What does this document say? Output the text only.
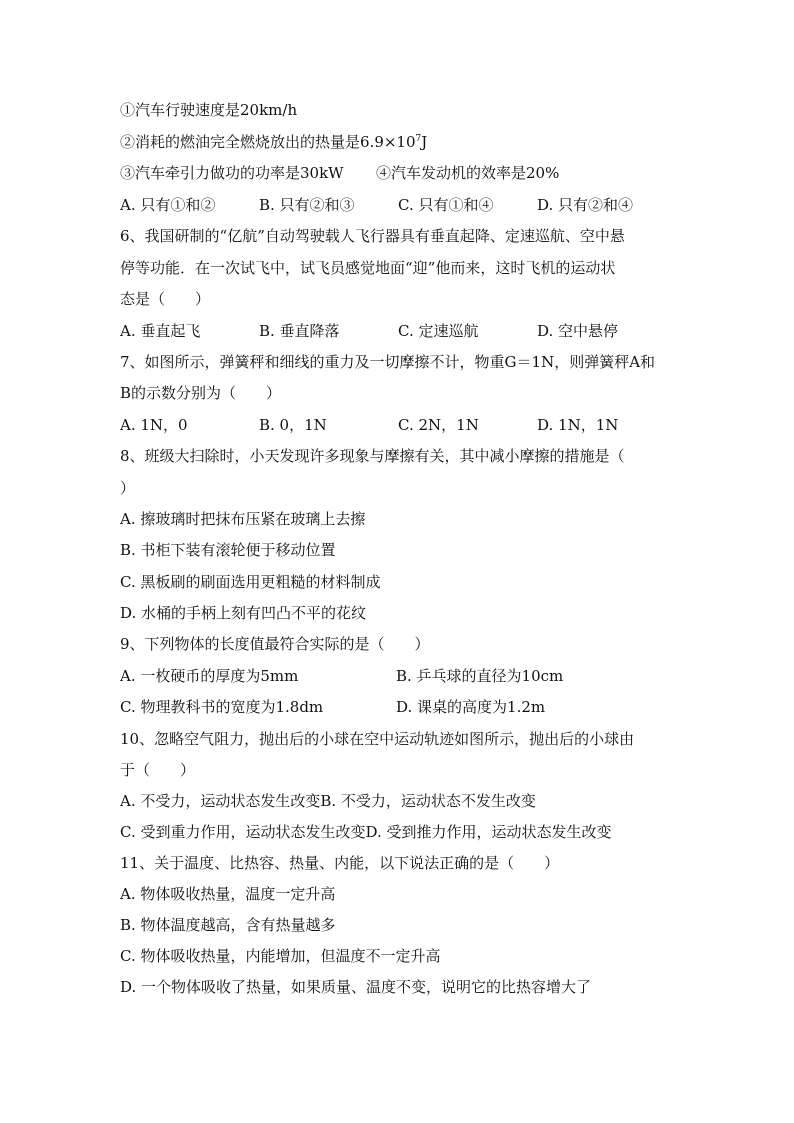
①汽车行驶速度是20km/h
②消耗的燃油完全燃烧放出的热量是$6.9\times 10^7J$
③汽车牵引力做功的功率是30kW ④汽车发动机的效率是20%
A. 只有①和②	B. 只有②和③	C. 只有①和④	D. 只有②和④
6、我国研制的“亿航”自动驾驶载人飞行器具有垂直起降、定速巡航、空中悬
停等功能．在一次试飞中，试飞员感觉地面“迎”他而来，这时飞机的运动状
态是（　　）
A. 垂直起飞	B. 垂直降落	C. 定速巡航	D. 空中悬停
7、如图所示，弹簧秤和细线的重力及一切摩擦不计，物重G＝1N，则弹簧秤A和
B的示数分别为（　　）
A. 1N，0	B. 0，1N	C. 2N，1N	D. 1N，1N
8、班级大扫除时，小天发现许多现象与摩擦有关，其中减小摩擦的措施是（
）
A. 擦玻璃时把抹布压紧在玻璃上去擦
B. 书柜下装有滚轮便于移动位置
C. 黑板刷的刷面选用更粗糙的材料制成
D. 水桶的手柄上刻有凹凸不平的花纹
9、下列物体的长度值最符合实际的是（　　）
A. 一枚硬币的厚度为5mm	B. 乒乓球的直径为10cm
C. 物理教科书的宽度为1.8dm	D. 课桌的高度为1.2m
10、忽略空气阻力，抛出后的小球在空中运动轨迹如图所示，抛出后的小球由
于（　　）
A. 不受力，运动状态发生改变B. 不受力，运动状态不发生改变
C. 受到重力作用，运动状态发生改变D. 受到推力作用，运动状态发生改变
11、关于温度、比热容、热量、内能，以下说法正确的是（　　）
A. 物体吸收热量，温度一定升高
B. 物体温度越高，含有热量越多
C. 物体吸收热量，内能增加，但温度不一定升高
D. 一个物体吸收了热量，如果质量、温度不变，说明它的比热容增大了
